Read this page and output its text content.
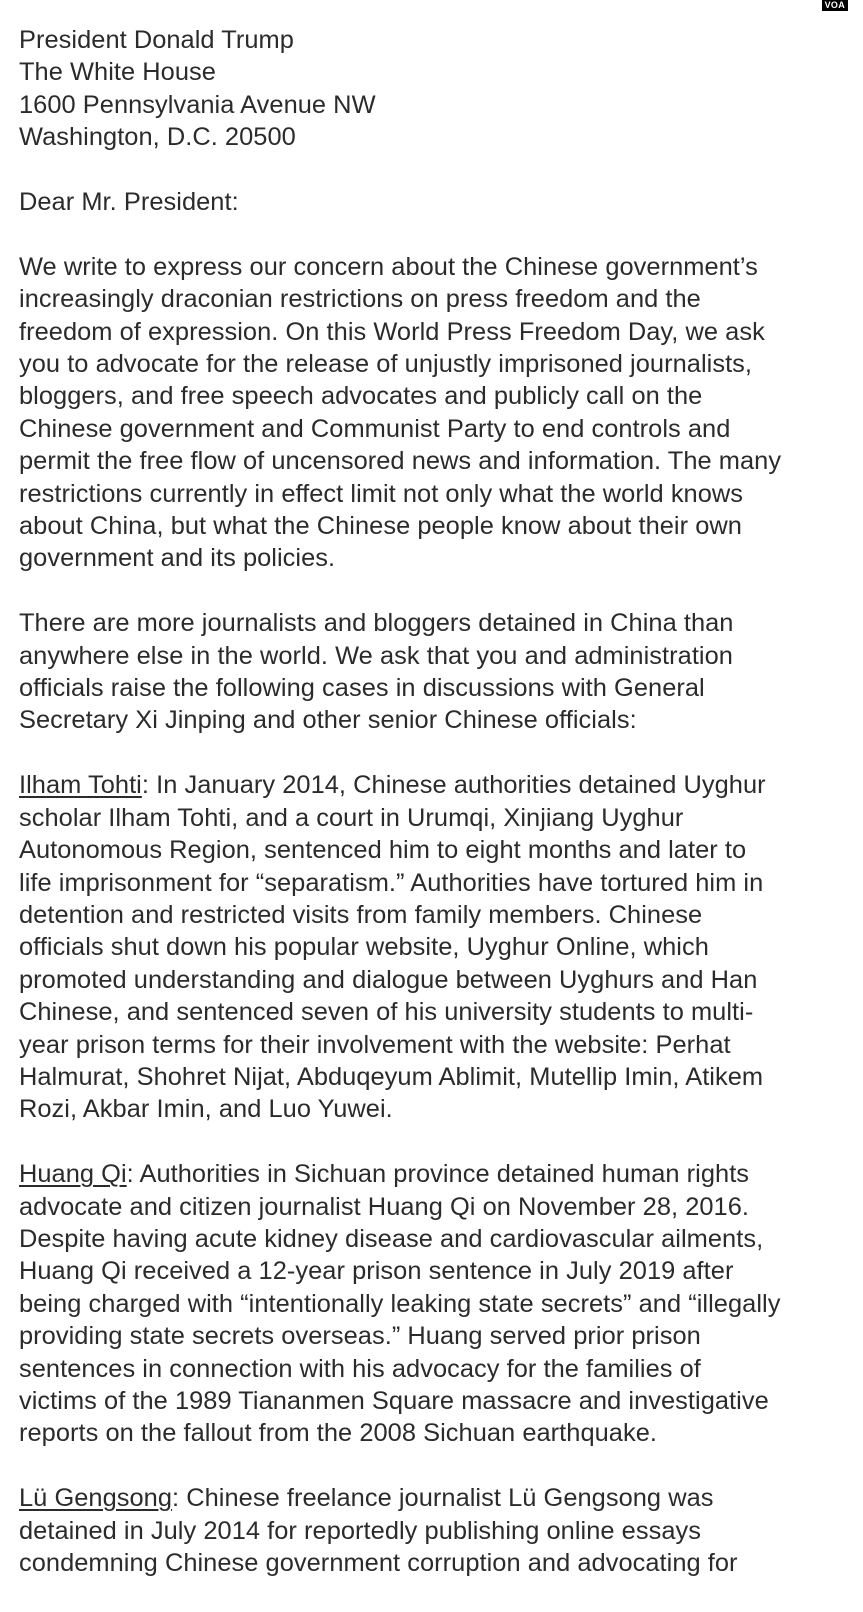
VOA
President Donald Trump
The White House
1600 Pennsylvania Avenue NW
Washington, D.C. 20500
Dear Mr. President:
We write to express our concern about the Chinese government’s
increasingly draconian restrictions on press freedom and the
freedom of expression. On this World Press Freedom Day, we ask
you to advocate for the release of unjustly imprisoned journalists,
bloggers, and free speech advocates and publicly call on the
Chinese government and Communist Party to end controls and
permit the free flow of uncensored news and information. The many
restrictions currently in effect limit not only what the world knows
about China, but what the Chinese people know about their own
government and its policies.
There are more journalists and bloggers detained in China than
anywhere else in the world. We ask that you and administration
officials raise the following cases in discussions with General
Secretary Xi Jinping and other senior Chinese officials:
Ilham Tohti: In January 2014, Chinese authorities detained Uyghur
scholar Ilham Tohti, and a court in Urumqi, Xinjiang Uyghur
Autonomous Region, sentenced him to eight months and later to
life imprisonment for “separatism.” Authorities have tortured him in
detention and restricted visits from family members. Chinese
officials shut down his popular website, Uyghur Online, which
promoted understanding and dialogue between Uyghurs and Han
Chinese, and sentenced seven of his university students to multi-
year prison terms for their involvement with the website: Perhat
Halmurat, Shohret Nijat, Abduqeyum Ablimit, Mutellip Imin, Atikem
Rozi, Akbar Imin, and Luo Yuwei.
Huang Qi: Authorities in Sichuan province detained human rights
advocate and citizen journalist Huang Qi on November 28, 2016.
Despite having acute kidney disease and cardiovascular ailments,
Huang Qi received a 12-year prison sentence in July 2019 after
being charged with “intentionally leaking state secrets” and “illegally
providing state secrets overseas.” Huang served prior prison
sentences in connection with his advocacy for the families of
victims of the 1989 Tiananmen Square massacre and investigative
reports on the fallout from the 2008 Sichuan earthquake.
Lü Gengsong: Chinese freelance journalist Lü Gengsong was
detained in July 2014 for reportedly publishing online essays
condemning Chinese government corruption and advocating for
